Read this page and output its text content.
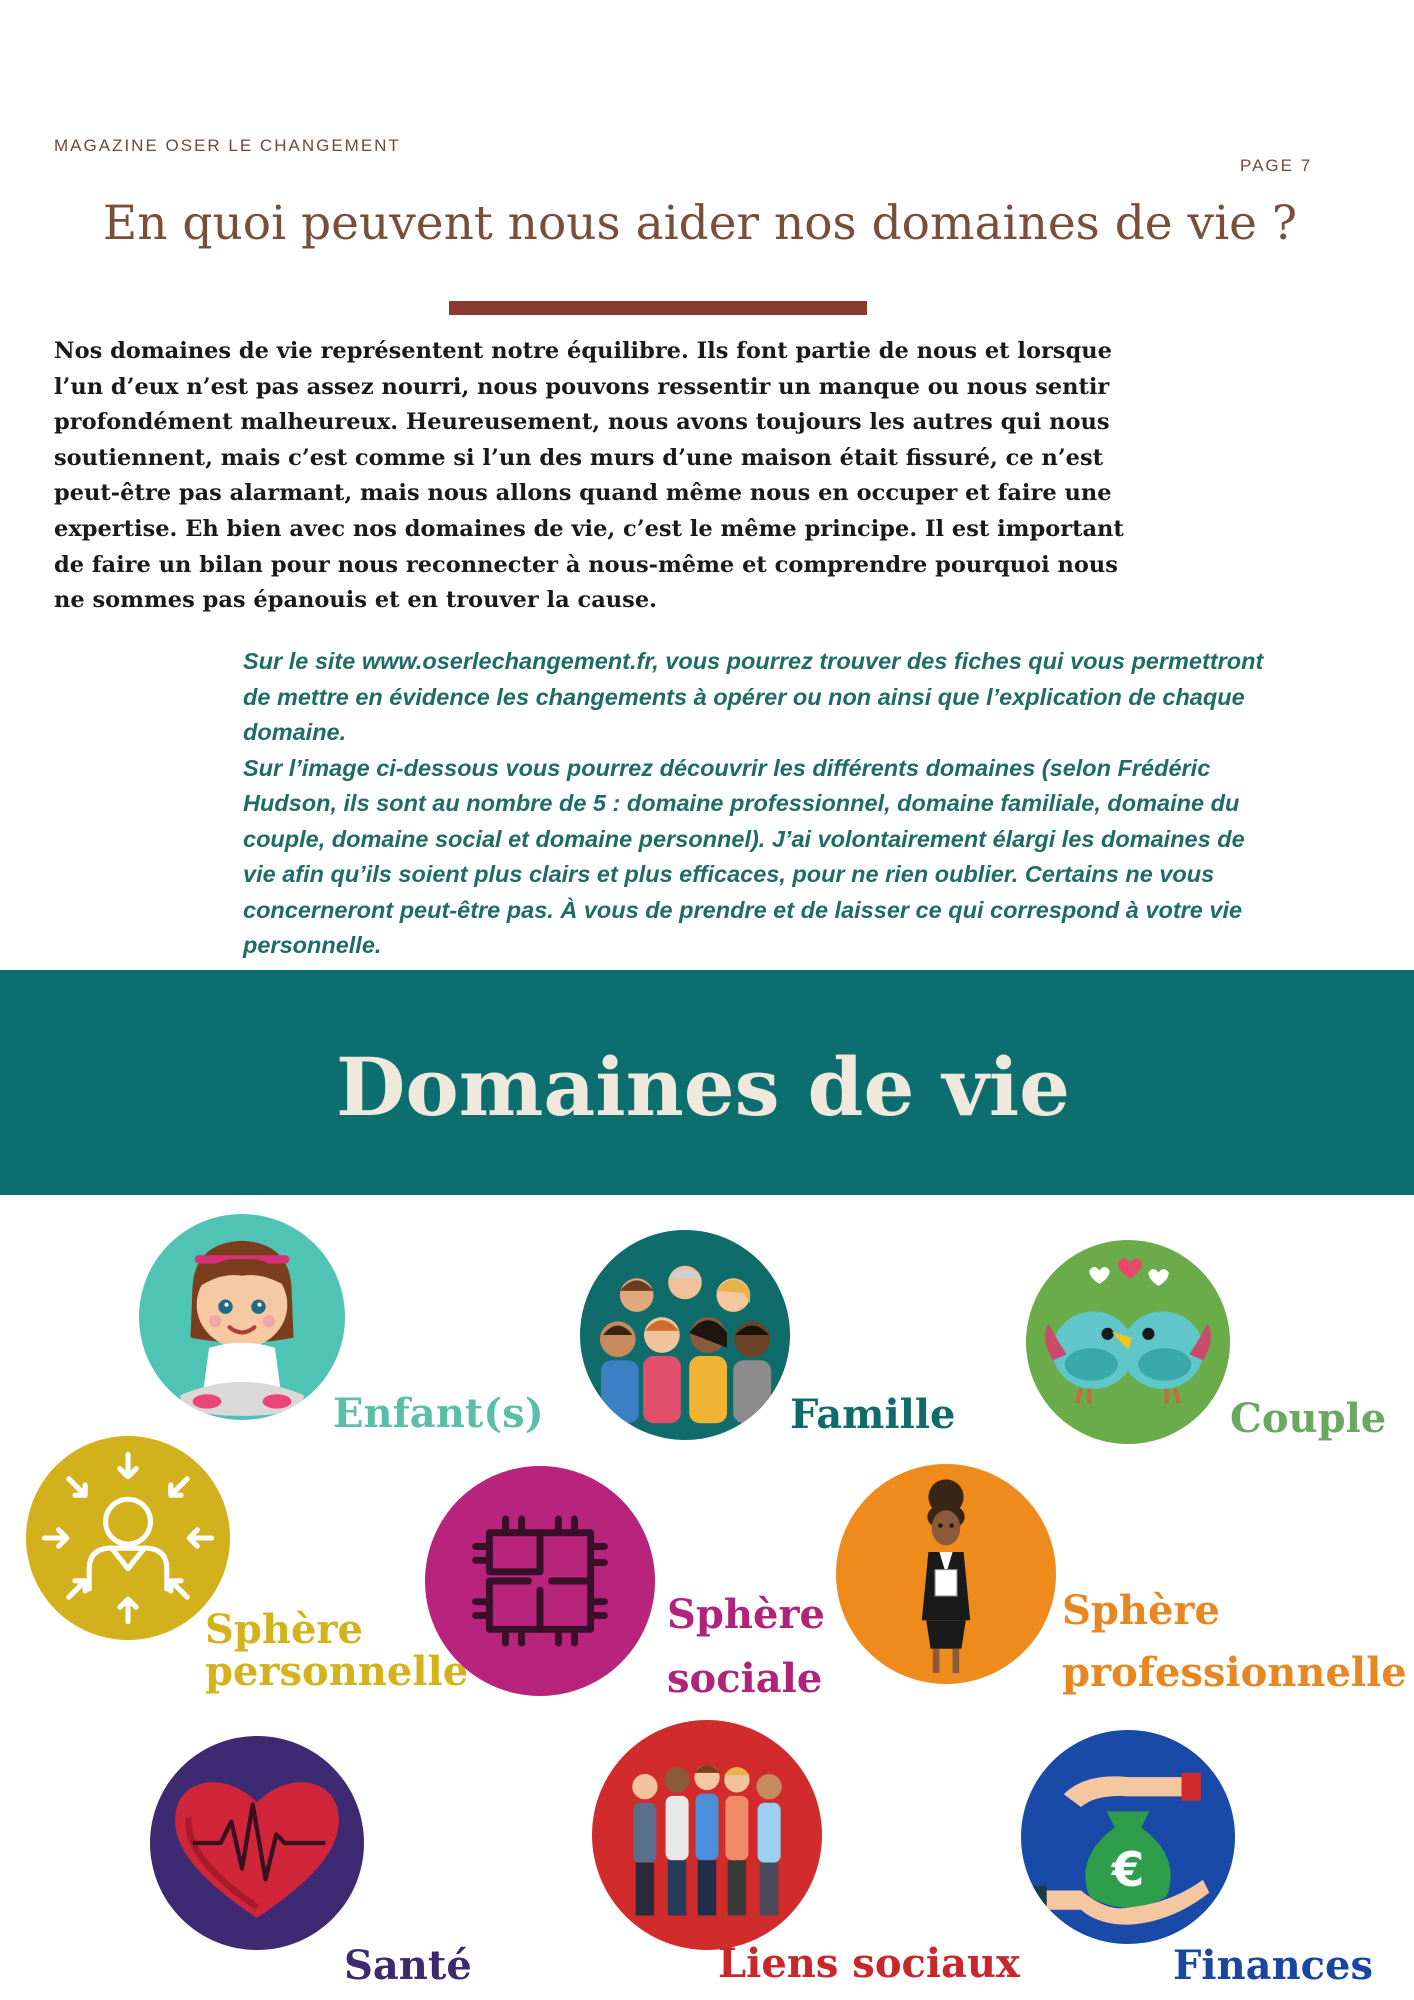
MAGAZINE OSER LE CHANGEMENT
PAGE 7
En quoi peuvent nous aider nos domaines de vie ?

Nos domaines de vie représentent notre équilibre. Ils font partie de nous et lorsque
l’un d’eux n’est pas assez nourri, nous pouvons ressentir un manque ou nous sentir
profondément malheureux. Heureusement, nous avons toujours les autres qui nous
soutiennent, mais c’est comme si l’un des murs d’une maison était fissuré, ce n’est
peut-être pas alarmant, mais nous allons quand même nous en occuper et faire une
expertise. Eh bien avec nos domaines de vie, c’est le même principe. Il est important
de faire un bilan pour nous reconnecter à nous-même et comprendre pourquoi nous
ne sommes pas épanouis et en trouver la cause.

Sur le site www.oserlechangement.fr, vous pourrez trouver des fiches qui vous permettront
de mettre en évidence les changements à opérer ou non ainsi que l’explication de chaque
domaine.
Sur l’image ci-dessous vous pourrez découvrir les différents domaines (selon Frédéric
Hudson, ils sont au nombre de 5 : domaine professionnel, domaine familiale, domaine du
couple, domaine social et domaine personnel). J’ai volontairement élargi les domaines de
vie afin qu’ils soient plus clairs et plus efficaces, pour ne rien oublier. Certains ne vous
concerneront peut-être pas. À vous de prendre et de laisser ce qui correspond à votre vie
personnelle.

Domaines de vie
Enfant(s)	Famille	Couple
Sphère
personnelle
Sphère
sociale
Sphère
professionnelle
Santé	Liens sociaux
€
Finances
